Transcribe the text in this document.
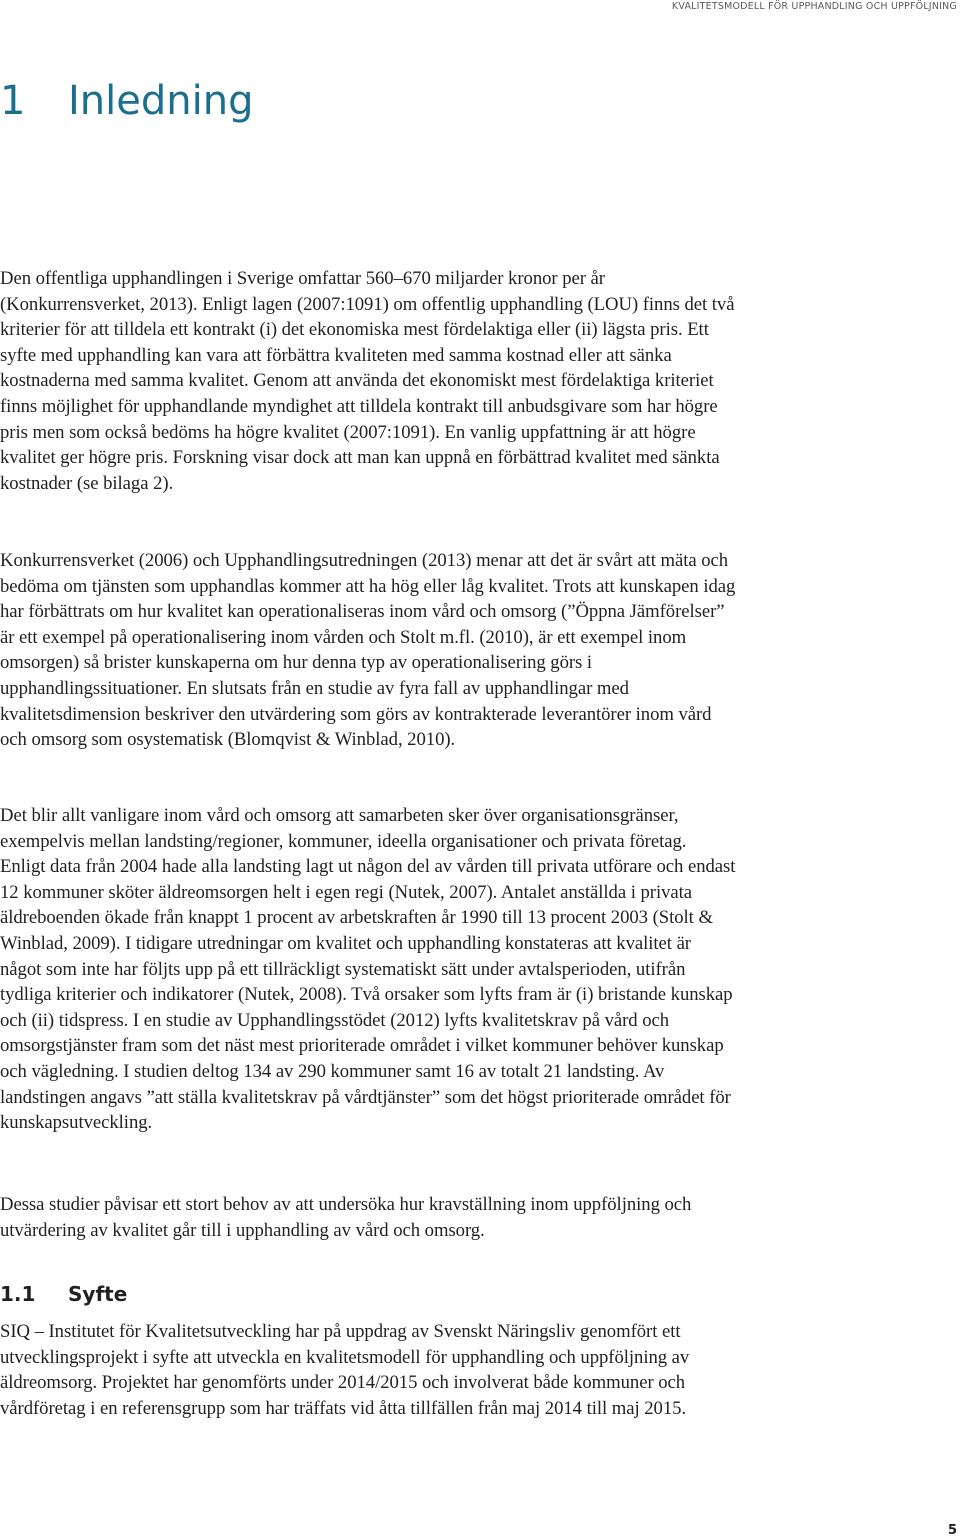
KVALITETSMODELL FÖR UPPHANDLING OCH UPPFÖLJNING
1 Inledning

Den offentliga upphandlingen i Sverige omfattar 560–670 miljarder kronor per år (Konkurrensverket, 2013). Enligt lagen (2007:1091) om offentlig upphandling (LOU) finns det två kriterier för att tilldela ett kontrakt (i) det ekonomiska mest fördelaktiga eller (ii) lägsta pris. Ett syfte med upphandling kan vara att förbättra kvaliteten med samma kostnad eller att sänka kostnaderna med samma kvalitet. Genom att använda det ekonomiskt mest fördelaktiga kriteriet finns möjlighet för upphandlande myndighet att tilldela kontrakt till anbudsgivare som har högre pris men som också bedöms ha högre kvalitet (2007:1091). En vanlig uppfattning är att högre kvalitet ger högre pris. Forskning visar dock att man kan uppnå en förbättrad kvalitet med sänkta kostnader (se bilaga 2).

Konkurrensverket (2006) och Upphandlingsutredningen (2013) menar att det är svårt att mäta och bedöma om tjänsten som upphandlas kommer att ha hög eller låg kvalitet. Trots att kunskapen idag har förbättrats om hur kvalitet kan operationaliseras inom vård och omsorg (”Öppna Jämförelser” är ett exempel på operationalisering inom vården och Stolt m.fl. (2010), är ett exempel inom omsorgen) så brister kunskaperna om hur denna typ av operationalisering görs i upphandlingssituationer. En slutsats från en studie av fyra fall av upphandlingar med kvalitetsdimension beskriver den utvärdering som görs av kontrakterade leverantörer inom vård och omsorg som osystematisk (Blomqvist & Winblad, 2010).

Det blir allt vanligare inom vård och omsorg att samarbeten sker över organisationsgränser, exempelvis mellan landsting/regioner, kommuner, ideella organisationer och privata företag. Enligt data från 2004 hade alla landsting lagt ut någon del av vården till privata utförare och endast 12 kommuner sköter äldreomsorgen helt i egen regi (Nutek, 2007). Antalet anställda i privata äldreboenden ökade från knappt 1 procent av arbetskraften år 1990 till 13 procent 2003 (Stolt & Winblad, 2009). I tidigare utredningar om kvalitet och upphandling konstateras att kvalitet är något som inte har följts upp på ett tillräckligt systematiskt sätt under avtalsperioden, utifrån tydliga kriterier och indikatorer (Nutek, 2008). Två orsaker som lyfts fram är (i) bristande kunskap och (ii) tidspress. I en studie av Upphandlingsstödet (2012) lyfts kvalitetskrav på vård och omsorgstjänster fram som det näst mest prioriterade området i vilket kommuner behöver kunskap och vägledning. I studien deltog 134 av 290 kommuner samt 16 av totalt 21 landsting. Av landstingen angavs ”att ställa kvalitetskrav på vårdtjänster” som det högst prioriterade området för kunskapsutveckling.

Dessa studier påvisar ett stort behov av att undersöka hur kravställning inom uppföljning och utvärdering av kvalitet går till i upphandling av vård och omsorg.

1.1 Syfte

SIQ – Institutet för Kvalitetsutveckling har på uppdrag av Svenskt Näringsliv genomfört ett utvecklingsprojekt i syfte att utveckla en kvalitetsmodell för upphandling och uppföljning av äldreomsorg. Projektet har genomförts under 2014/2015 och involverat både kommuner och vårdföretag i en referensgrupp som har träffats vid åtta tillfällen från maj 2014 till maj 2015.

5
